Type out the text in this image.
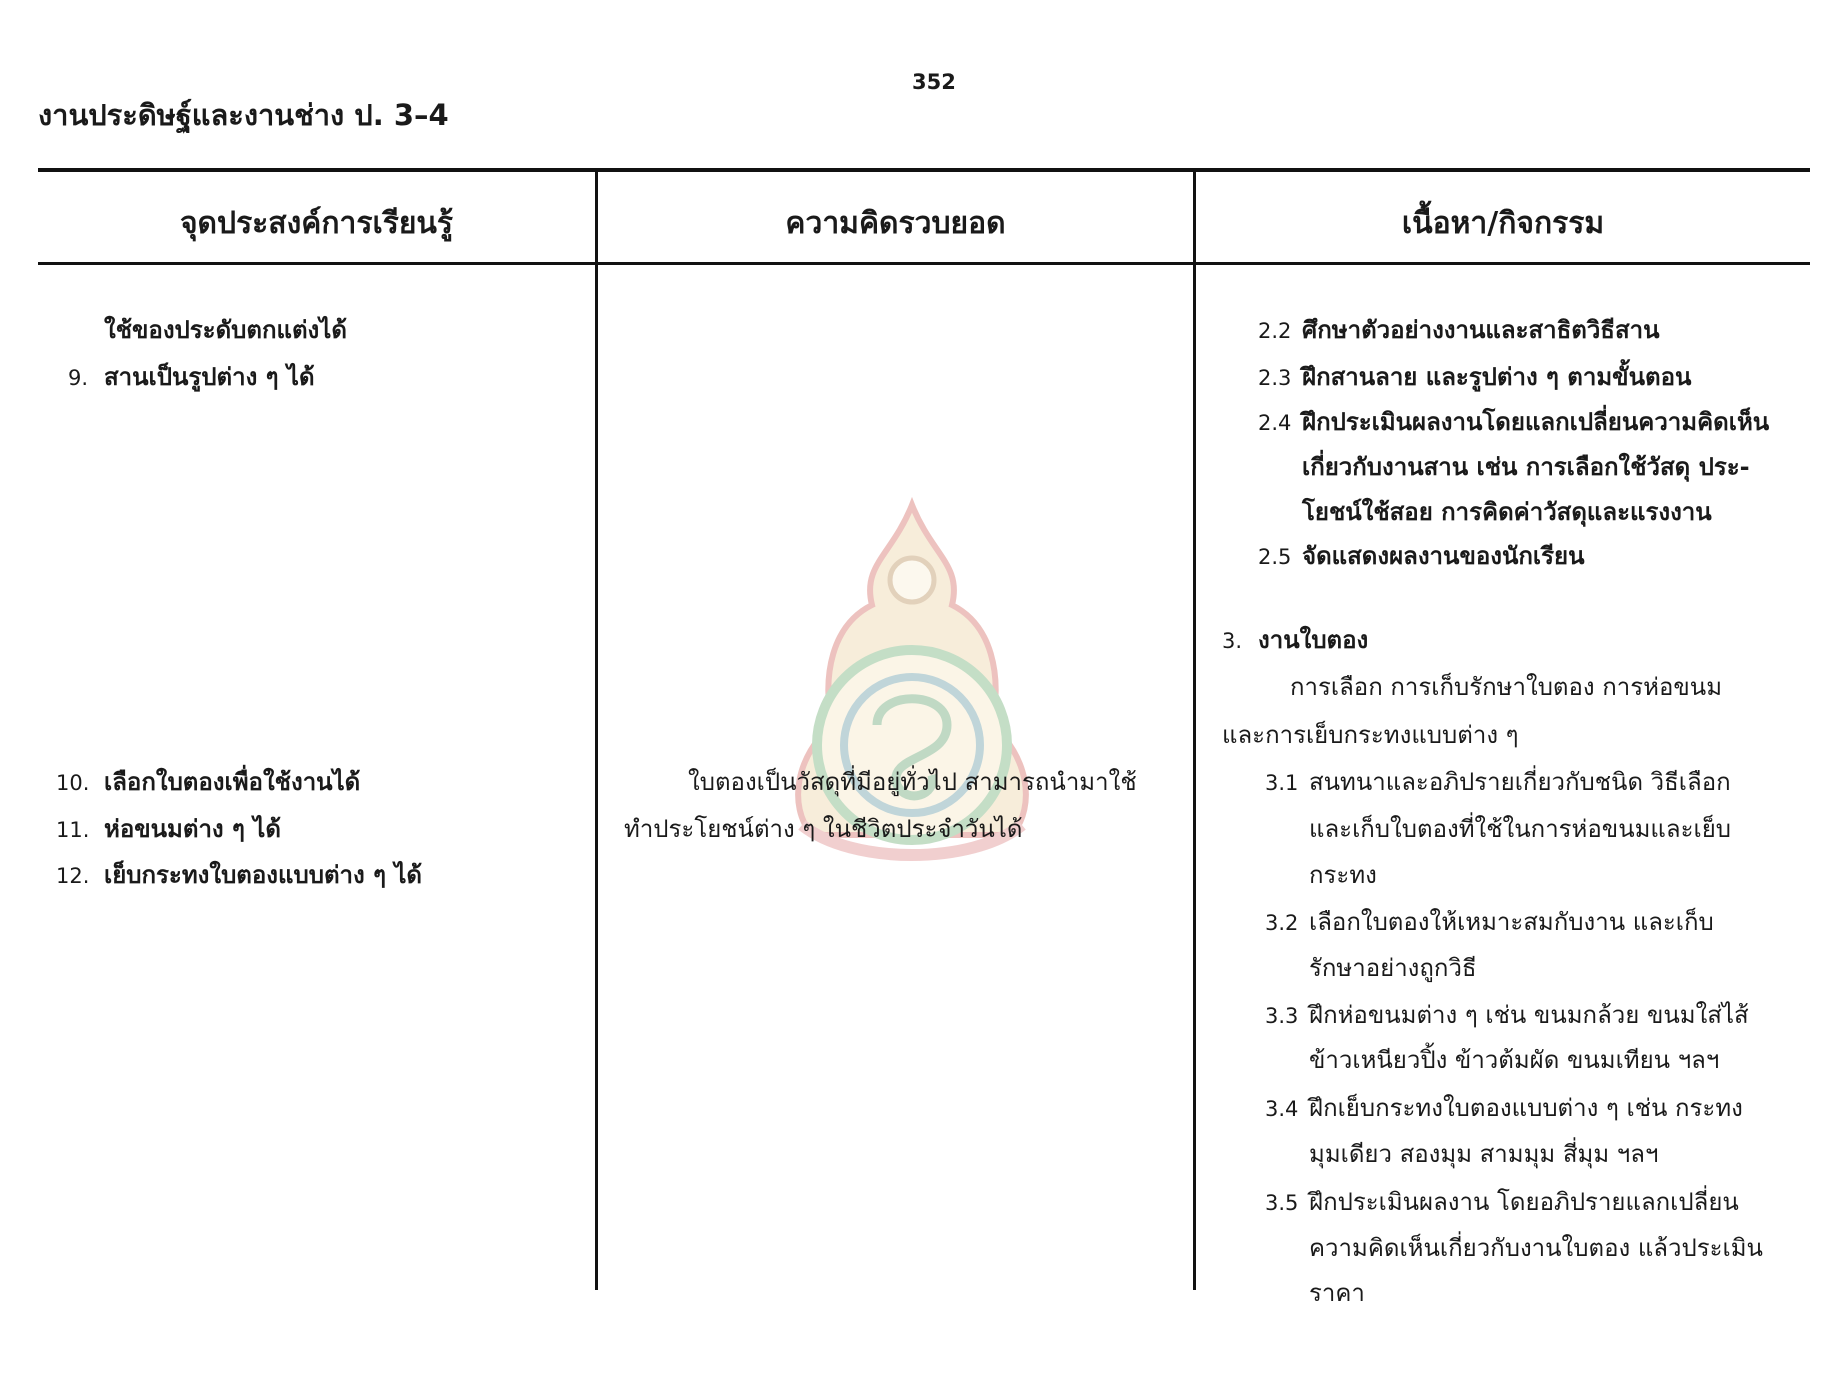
352
งานประดิษฐ์และงานช่าง ป. 3–4
จุดประสงค์การเรียนรู้	ความคิดรวบยอด	เนื้อหา/กิจกรรม
ใช้ของประดับตกแต่งได้
9. สานเป็นรูปต่าง ๆ ได้
10. เลือกใบตองเพื่อใช้งานได้
11. ห่อขนมต่าง ๆ ได้
12. เย็บกระทงใบตองแบบต่าง ๆ ได้
ใบตองเป็นวัสดุที่มีอยู่ทั่วไป สามารถนำมาใช้
ทำประโยชน์ต่าง ๆ ในชีวิตประจำวันได้
2.2 ศึกษาตัวอย่างงานและสาธิตวิธีสาน
2.3 ฝึกสานลาย และรูปต่าง ๆ ตามขั้นตอน
2.4 ฝึกประเมินผลงานโดยแลกเปลี่ยนความคิดเห็น
เกี่ยวกับงานสาน เช่น การเลือกใช้วัสดุ ประ-
โยชน์ใช้สอย การคิดค่าวัสดุและแรงงาน
2.5 จัดแสดงผลงานของนักเรียน
3. งานใบตอง
การเลือก การเก็บรักษาใบตอง การห่อขนม
และการเย็บกระทงแบบต่าง ๆ
3.1 สนทนาและอภิปรายเกี่ยวกับชนิด วิธีเลือก
และเก็บใบตองที่ใช้ในการห่อขนมและเย็บ
กระทง
3.2 เลือกใบตองให้เหมาะสมกับงาน และเก็บ
รักษาอย่างถูกวิธี
3.3 ฝึกห่อขนมต่าง ๆ เช่น ขนมกล้วย ขนมใส่ไส้
ข้าวเหนียวปิ้ง ข้าวต้มผัด ขนมเทียน ฯลฯ
3.4 ฝึกเย็บกระทงใบตองแบบต่าง ๆ เช่น กระทง
มุมเดียว สองมุม สามมุม สี่มุม ฯลฯ
3.5 ฝึกประเมินผลงาน โดยอภิปรายแลกเปลี่ยน
ความคิดเห็นเกี่ยวกับงานใบตอง แล้วประเมิน
ราคา
